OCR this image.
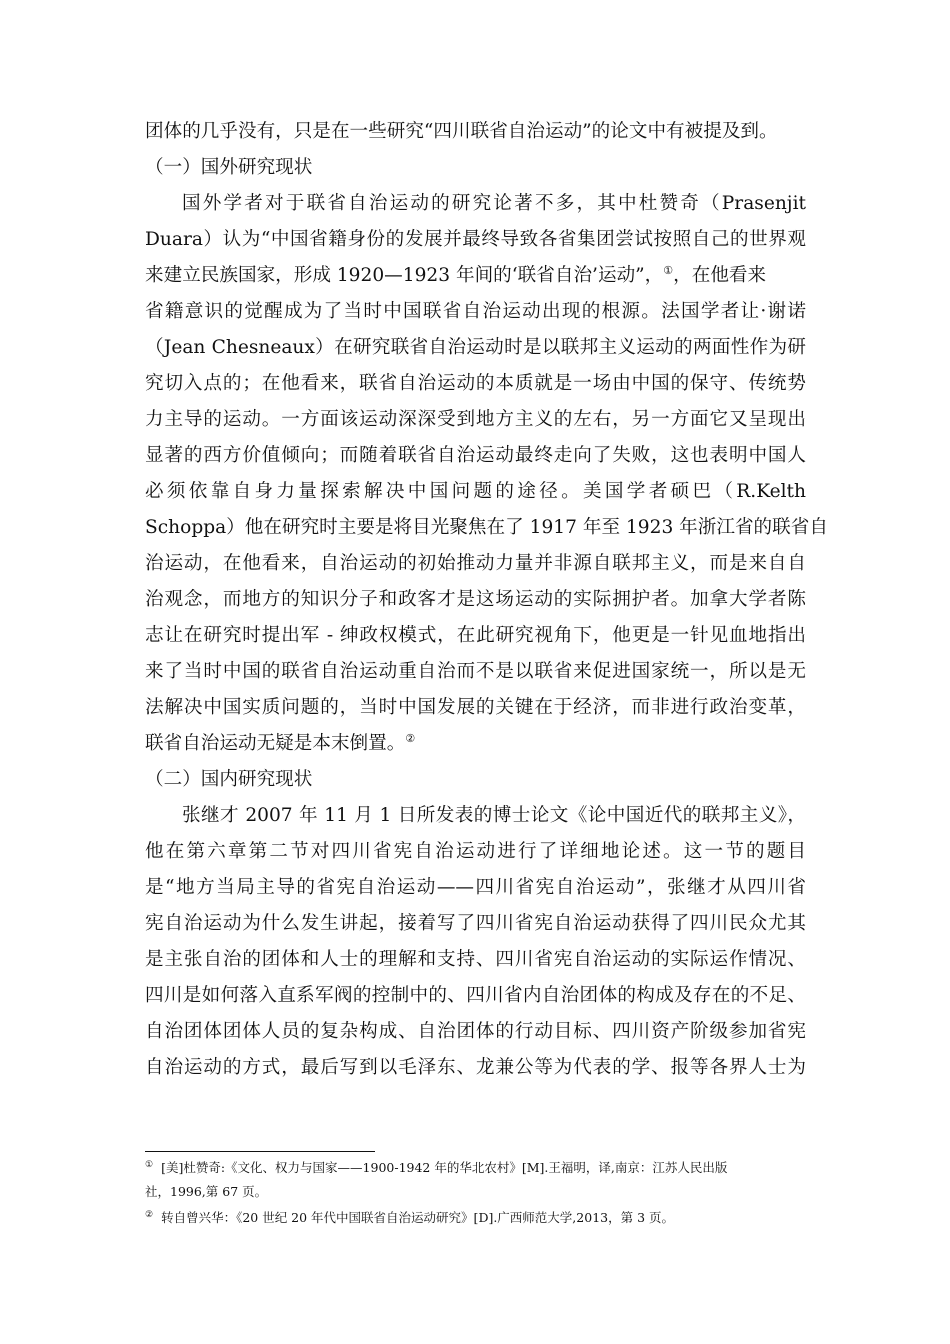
团体的几乎没有，只是在一些研究“四川联省自治运动”的论文中有被提及到。
（一）国外研究现状
国外学者对于联省自治运动的研究论著不多，其中杜赞奇（Prasenjit
Duara）认为“中国省籍身份的发展并最终导致各省集团尝试按照自己的世界观
来建立民族国家，形成 1920—1923 年间的‘联省自治’运动”，①，在他看来
省籍意识的觉醒成为了当时中国联省自治运动出现的根源。法国学者让·谢诺
（Jean Chesneaux）在研究联省自治运动时是以联邦主义运动的两面性作为研
究切入点的；在他看来，联省自治运动的本质就是一场由中国的保守、传统势
力主导的运动。一方面该运动深深受到地方主义的左右，另一方面它又呈现出
显著的西方价值倾向；而随着联省自治运动最终走向了失败，这也表明中国人
必须依靠自身力量探索解决中国问题的途径。美国学者硕巴（R.Kelth
Schoppa）他在研究时主要是将目光聚焦在了 1917 年至 1923 年浙江省的联省自
治运动，在他看来，自治运动的初始推动力量并非源自联邦主义，而是来自自
治观念，而地方的知识分子和政客才是这场运动的实际拥护者。加拿大学者陈
志让在研究时提出军 - 绅政权模式，在此研究视角下，他更是一针见血地指出
来了当时中国的联省自治运动重自治而不是以联省来促进国家统一，所以是无
法解决中国实质问题的，当时中国发展的关键在于经济，而非进行政治变革，
联省自治运动无疑是本末倒置。②
（二）国内研究现状
张继才 2007 年 11 月 1 日所发表的博士论文《论中国近代的联邦主义》，
他在第六章第二节对四川省宪自治运动进行了详细地论述。这一节的题目
是“地方当局主导的省宪自治运动——四川省宪自治运动”，张继才从四川省
宪自治运动为什么发生讲起，接着写了四川省宪自治运动获得了四川民众尤其
是主张自治的团体和人士的理解和支持、四川省宪自治运动的实际运作情况、
四川是如何落入直系军阀的控制中的、四川省内自治团体的构成及存在的不足、
自治团体团体人员的复杂构成、自治团体的行动目标、四川资产阶级参加省宪
自治运动的方式，最后写到以毛泽东、龙兼公等为代表的学、报等各界人士为
① [美]杜赞奇:《文化、权力与国家——1900-1942 年的华北农村》[M].王福明，译,南京：江苏人民出版
社，1996,第 67 页。
② 转自曾兴华：《20 世纪 20 年代中国联省自治运动研究》[D].广西师范大学,2013，第 3 页。
